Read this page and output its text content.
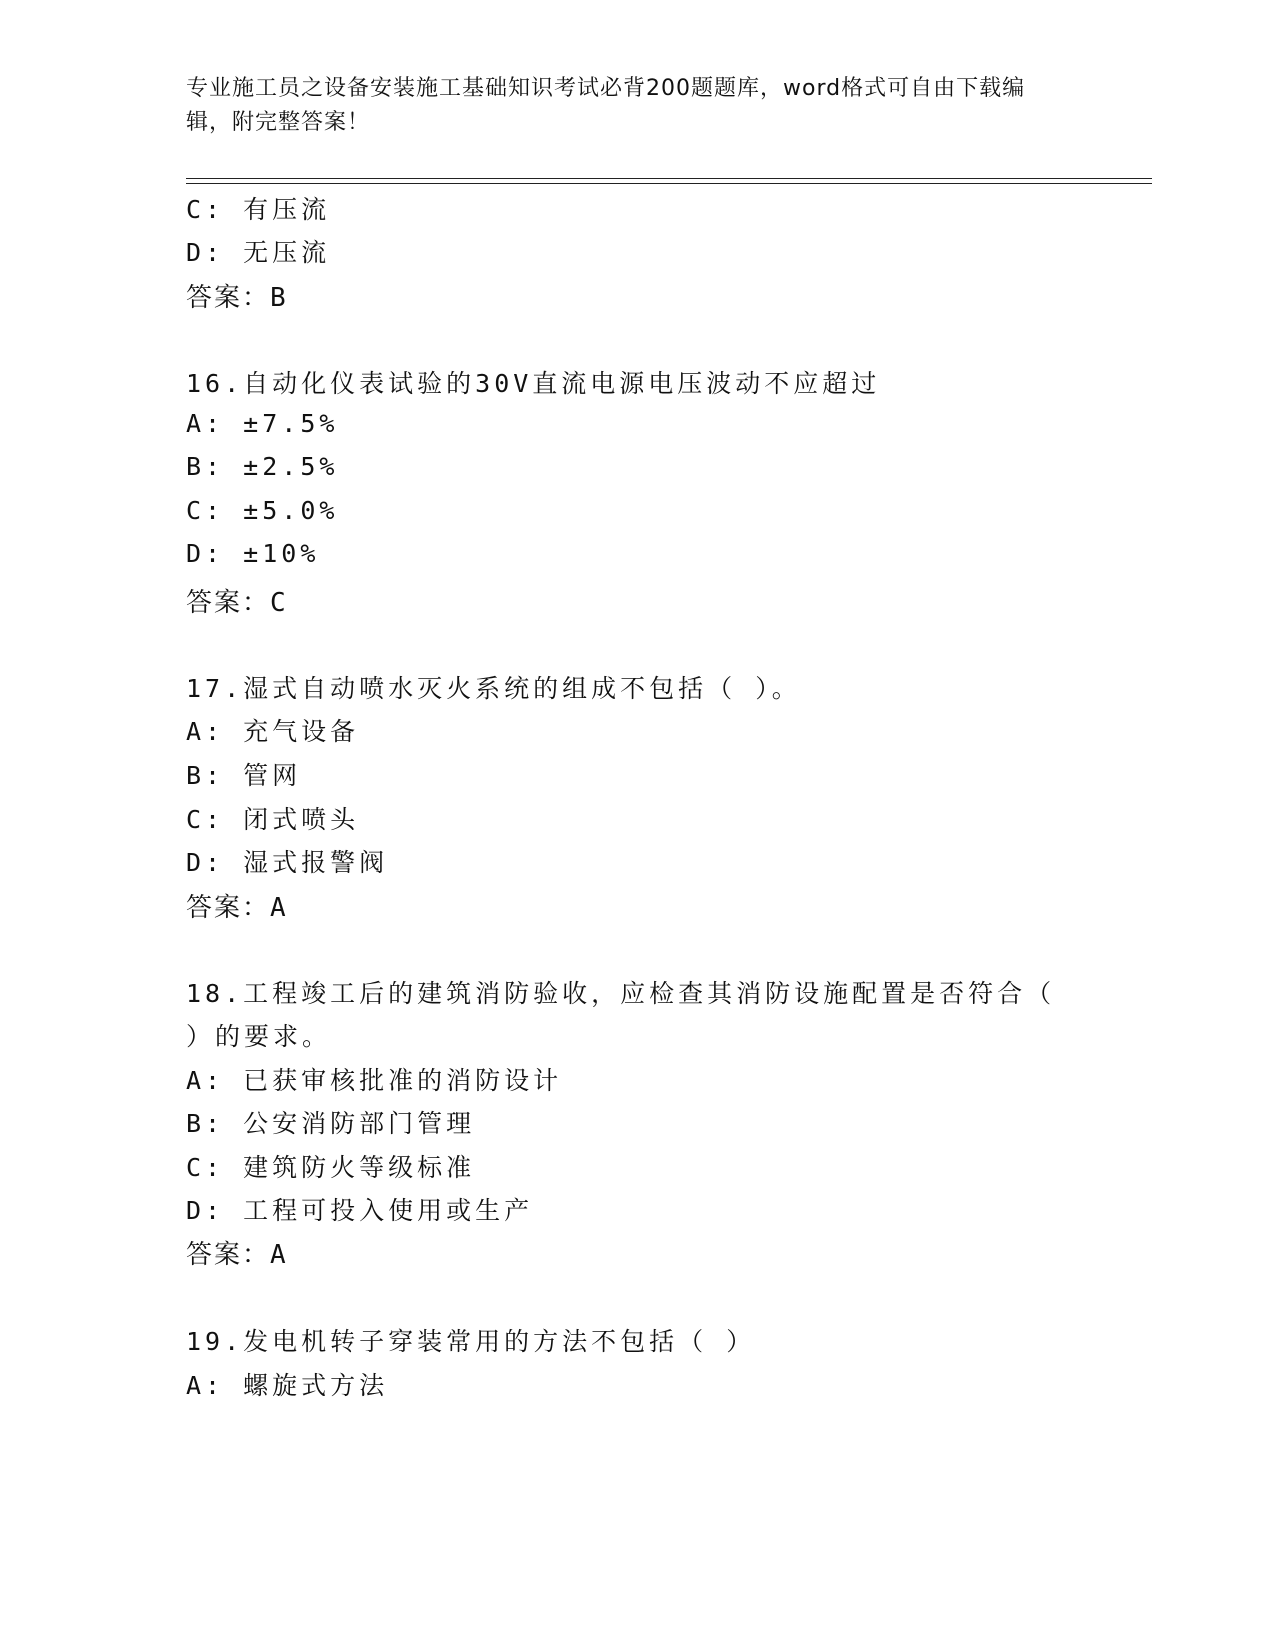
专业施工员之设备安装施工基础知识考试必背200题题库，word格式可自由下载编辑，附完整答案！
C: 有压流
D: 无压流
答案：B
16.自动化仪表试验的30V直流电源电压波动不应超过
A: ±7.5%
B: ±2.5%
C: ±5.0%
D: ±10%
答案：C
17.湿式自动喷水灭火系统的组成不包括（ ）。
A: 充气设备
B: 管网
C: 闭式喷头
D: 湿式报警阀
答案：A
18.工程竣工后的建筑消防验收，应检查其消防设施配置是否符合（
）的要求。
A: 已获审核批准的消防设计
B: 公安消防部门管理
C: 建筑防火等级标准
D: 工程可投入使用或生产
答案：A
19.发电机转子穿装常用的方法不包括（ ）
A: 螺旋式方法
